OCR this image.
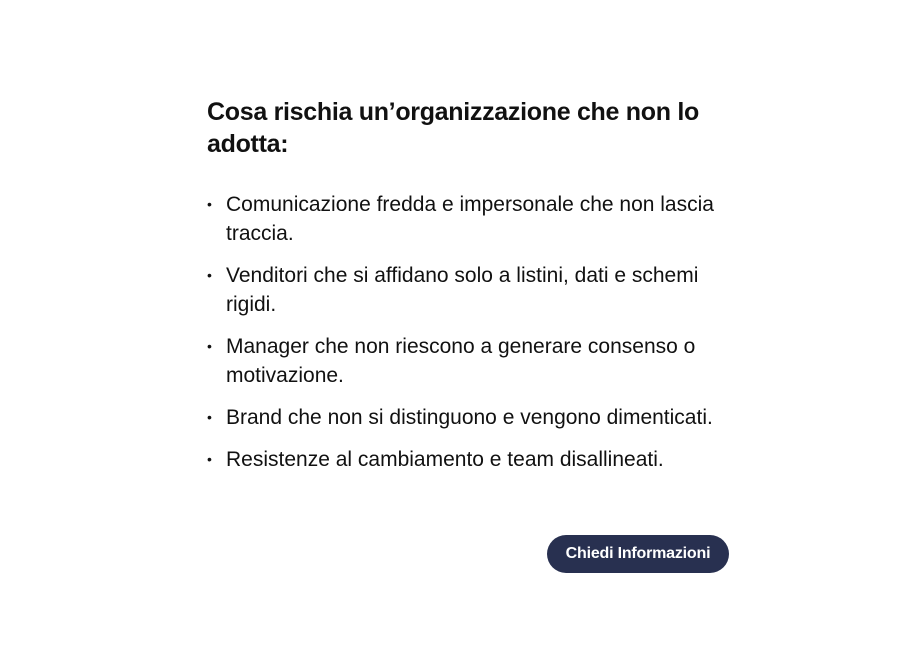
Cosa rischia un’organizzazione che non lo adotta:
• Comunicazione fredda e impersonale che non lascia traccia.
• Venditori che si affidano solo a listini, dati e schemi rigidi.
• Manager che non riescono a generare consenso o motivazione.
• Brand che non si distinguono e vengono dimenticati.
• Resistenze al cambiamento e team disallineati.
Chiedi Informazioni
